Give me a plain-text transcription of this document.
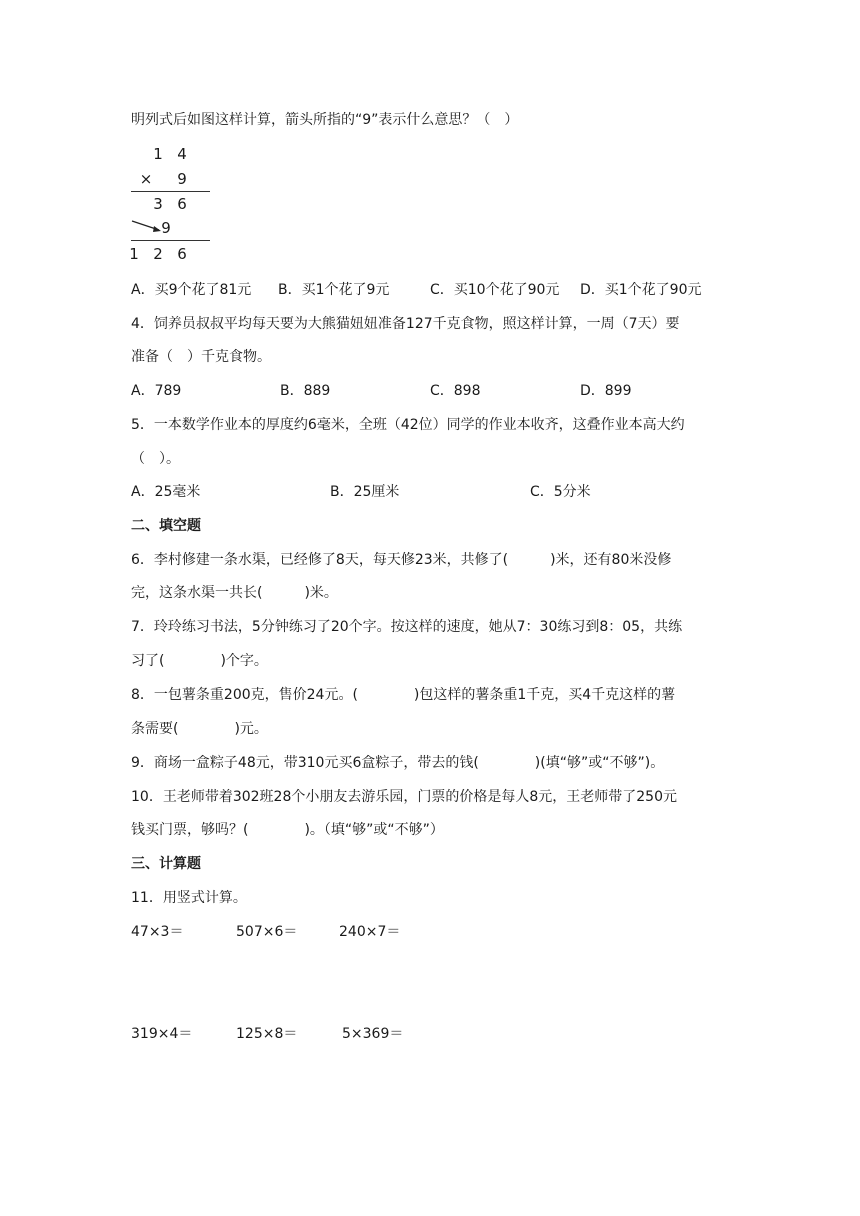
明列式后如图这样计算，箭头所指的“9”表示什么意思？（　）
1 4
× 9
3 6
9
1 2 6
A．买9个花了81元 B．买1个花了9元	C．买10个花了90元 D．买1个花了90元
4．饲养员叔叔平均每天要为大熊猫妞妞准备127千克食物，照这样计算，一周（7天）要
准备（　）千克食物。
A．789	B．889	C．898	D．899
5．一本数学作业本的厚度约6毫米，全班（42位）同学的作业本收齐，这叠作业本高大约
（　）。
A．25毫米	B．25厘米	C．5分米
二、填空题
6．李村修建一条水渠，已经修了8天，每天修23米，共修了(　　　)米，还有80米没修
完，这条水渠一共长(　　　)米。
7．玲玲练习书法，5分钟练习了20个字。按这样的速度，她从7：30练习到8：05，共练
习了(　　　　)个字。
8．一包薯条重200克，售价24元。(　　　　)包这样的薯条重1千克，买4千克这样的薯
条需要(　　　　)元。
9．商场一盒粽子48元，带310元买6盒粽子，带去的钱(　　　　)(填“够”或“不够”)。
10．王老师带着302班28个小朋友去游乐园，门票的价格是每人8元，王老师带了250元
钱买门票，够吗？(　　　　)。（填“够”或“不够”）
三、计算题
11．用竖式计算。
47×3＝	507×6＝	240×7＝
319×4＝	125×8＝	5×369＝
